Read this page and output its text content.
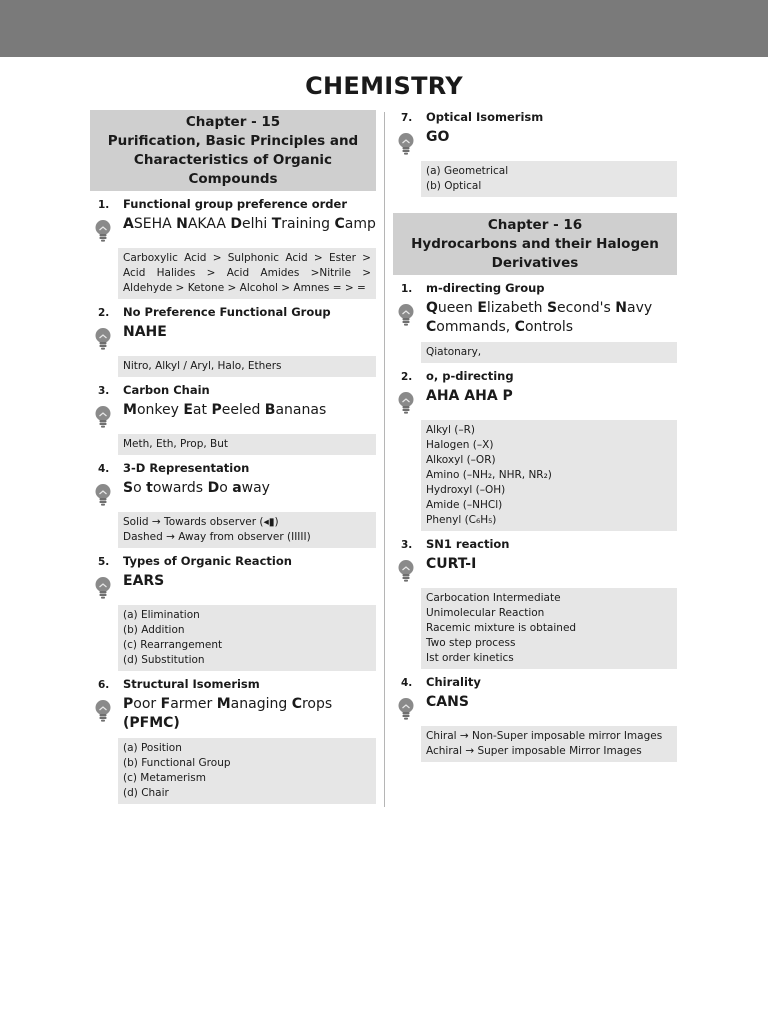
CHEMISTRY
Chapter - 15
Purification, Basic Principles and
Characteristics of Organic Compounds
1.	Functional group preference order
ASEHA NAKAA Delhi Training Camp
Carboxylic Acid > Sulphonic Acid > Ester > Acid Halides > Acid Amides >Nitrile > Aldehyde > Ketone > Alcohol > Amnes = > =
2.	No Preference Functional Group
NAHE
Nitro, Alkyl / Aryl, Halo, Ethers
3.	Carbon Chain
Monkey Eat Peeled Bananas
Meth, Eth, Prop, But
4.	3-D Representation
So towards Do away
Solid → Towards observer (◂▮)
Dashed → Away from observer (IIIII)
5.	Types of Organic Reaction
EARS
(a) Elimination
(b) Addition
(c) Rearrangement
(d) Substitution
6.	Structural Isomerism
Poor Farmer Managing Crops
(PFMC)
(a) Position
(b) Functional Group
(c) Metamerism
(d) Chair
7.	Optical Isomerism
GO
(a) Geometrical
(b) Optical
Chapter - 16
Hydrocarbons and their Halogen
Derivatives
1.	m-directing Group
Queen Elizabeth Second's Navy Commands, Controls
Qiatonary,
2.	o, p-directing
AHA AHA P
Alkyl (–R)
Halogen (–X)
Alkoxyl (–OR)
Amino (–NH₂, NHR, NR₂)
Hydroxyl (–OH)
Amide (–NHCl)
Phenyl (C₆H₅)
3.	SN1 reaction
CURT-I
Carbocation Intermediate
Unimolecular Reaction
Racemic mixture is obtained
Two step process
Ist order kinetics
4.	Chirality
CANS
Chiral → Non-Super imposable mirror Images
Achiral → Super imposable Mirror Images
